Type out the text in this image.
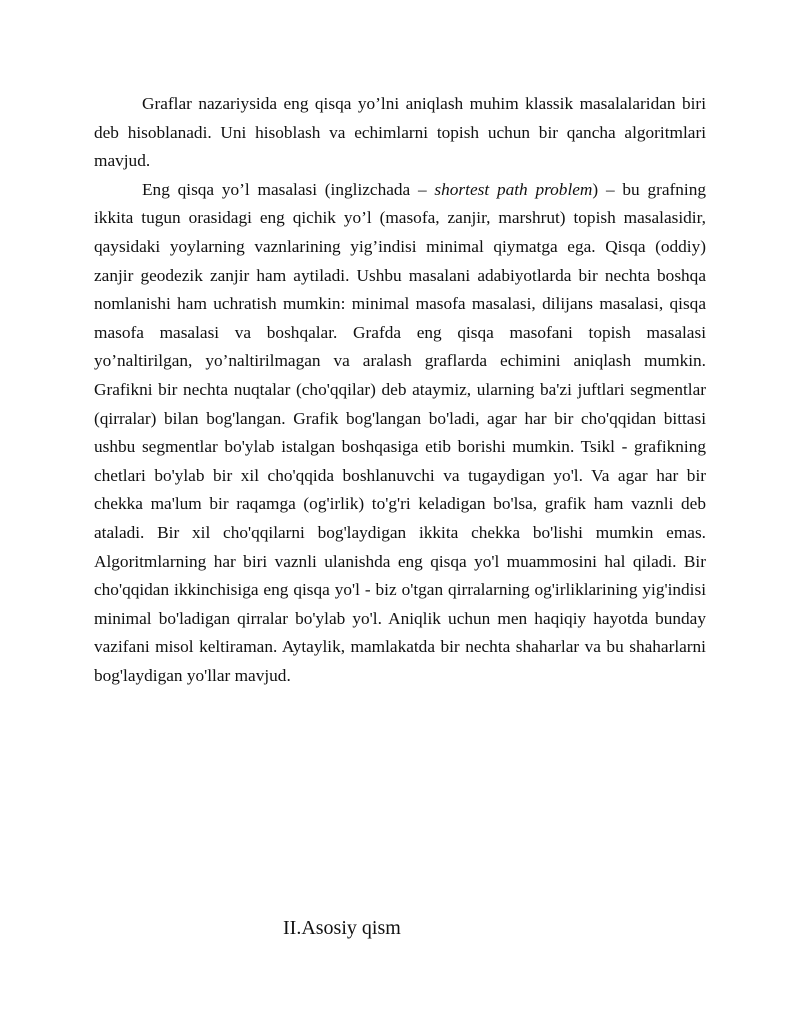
Graflar nazariysida eng qisqa yo’lni aniqlash muhim klassik masalalaridan biri deb hisoblanadi. Uni hisoblash va echimlarni topish uchun bir qancha algoritmlari mavjud.

Eng qisqa yo’l masalasi (inglizchada – shortest path problem) – bu grafning ikkita tugun orasidagi eng qichik yo’l (masofa, zanjir, marshrut) topish masalasidir, qaysidaki yoylarning vaznlarining yig’indisi minimal qiymatga ega. Qisqa (oddiy) zanjir geodezik zanjir ham aytiladi. Ushbu masalani adabiyotlarda bir nechta boshqa nomlanishi ham uchratish mumkin: minimal masofa masalasi, dilijans masalasi, qisqa masofa masalasi va boshqalar. Grafda eng qisqa masofani topish masalasi yo’naltirilgan, yo’naltirilmagan va aralash graflarda echimini aniqlash mumkin. Grafikni bir nechta nuqtalar (cho'qqilar) deb ataymiz, ularning ba'zi juftlari segmentlar (qirralar) bilan bog'langan. Grafik bog'langan bo'ladi, agar har bir cho'qqidan bittasi ushbu segmentlar bo'ylab istalgan boshqasiga etib borishi mumkin. Tsikl - grafikning chetlari bo'ylab bir xil cho'qqida boshlanuvchi va tugaydigan yo'l. Va agar har bir chekka ma'lum bir raqamga (og'irlik) to'g'ri keladigan bo'lsa, grafik ham vaznli deb ataladi. Bir xil cho'qqilarni bog'laydigan ikkita chekka bo'lishi mumkin emas. Algoritmlarning har biri vaznli ulanishda eng qisqa yo'l muammosini hal qiladi. Bir cho'qqidan ikkinchisiga eng qisqa yo'l - biz o'tgan qirralarning og'irliklarining yig'indisi minimal bo'ladigan qirralar bo'ylab yo'l. Aniqlik uchun men haqiqiy hayotda bunday vazifani misol keltiraman. Aytaylik, mamlakatda bir nechta shaharlar va bu shaharlarni bog'laydigan yo'llar mavjud.

II.Asosiy qism
